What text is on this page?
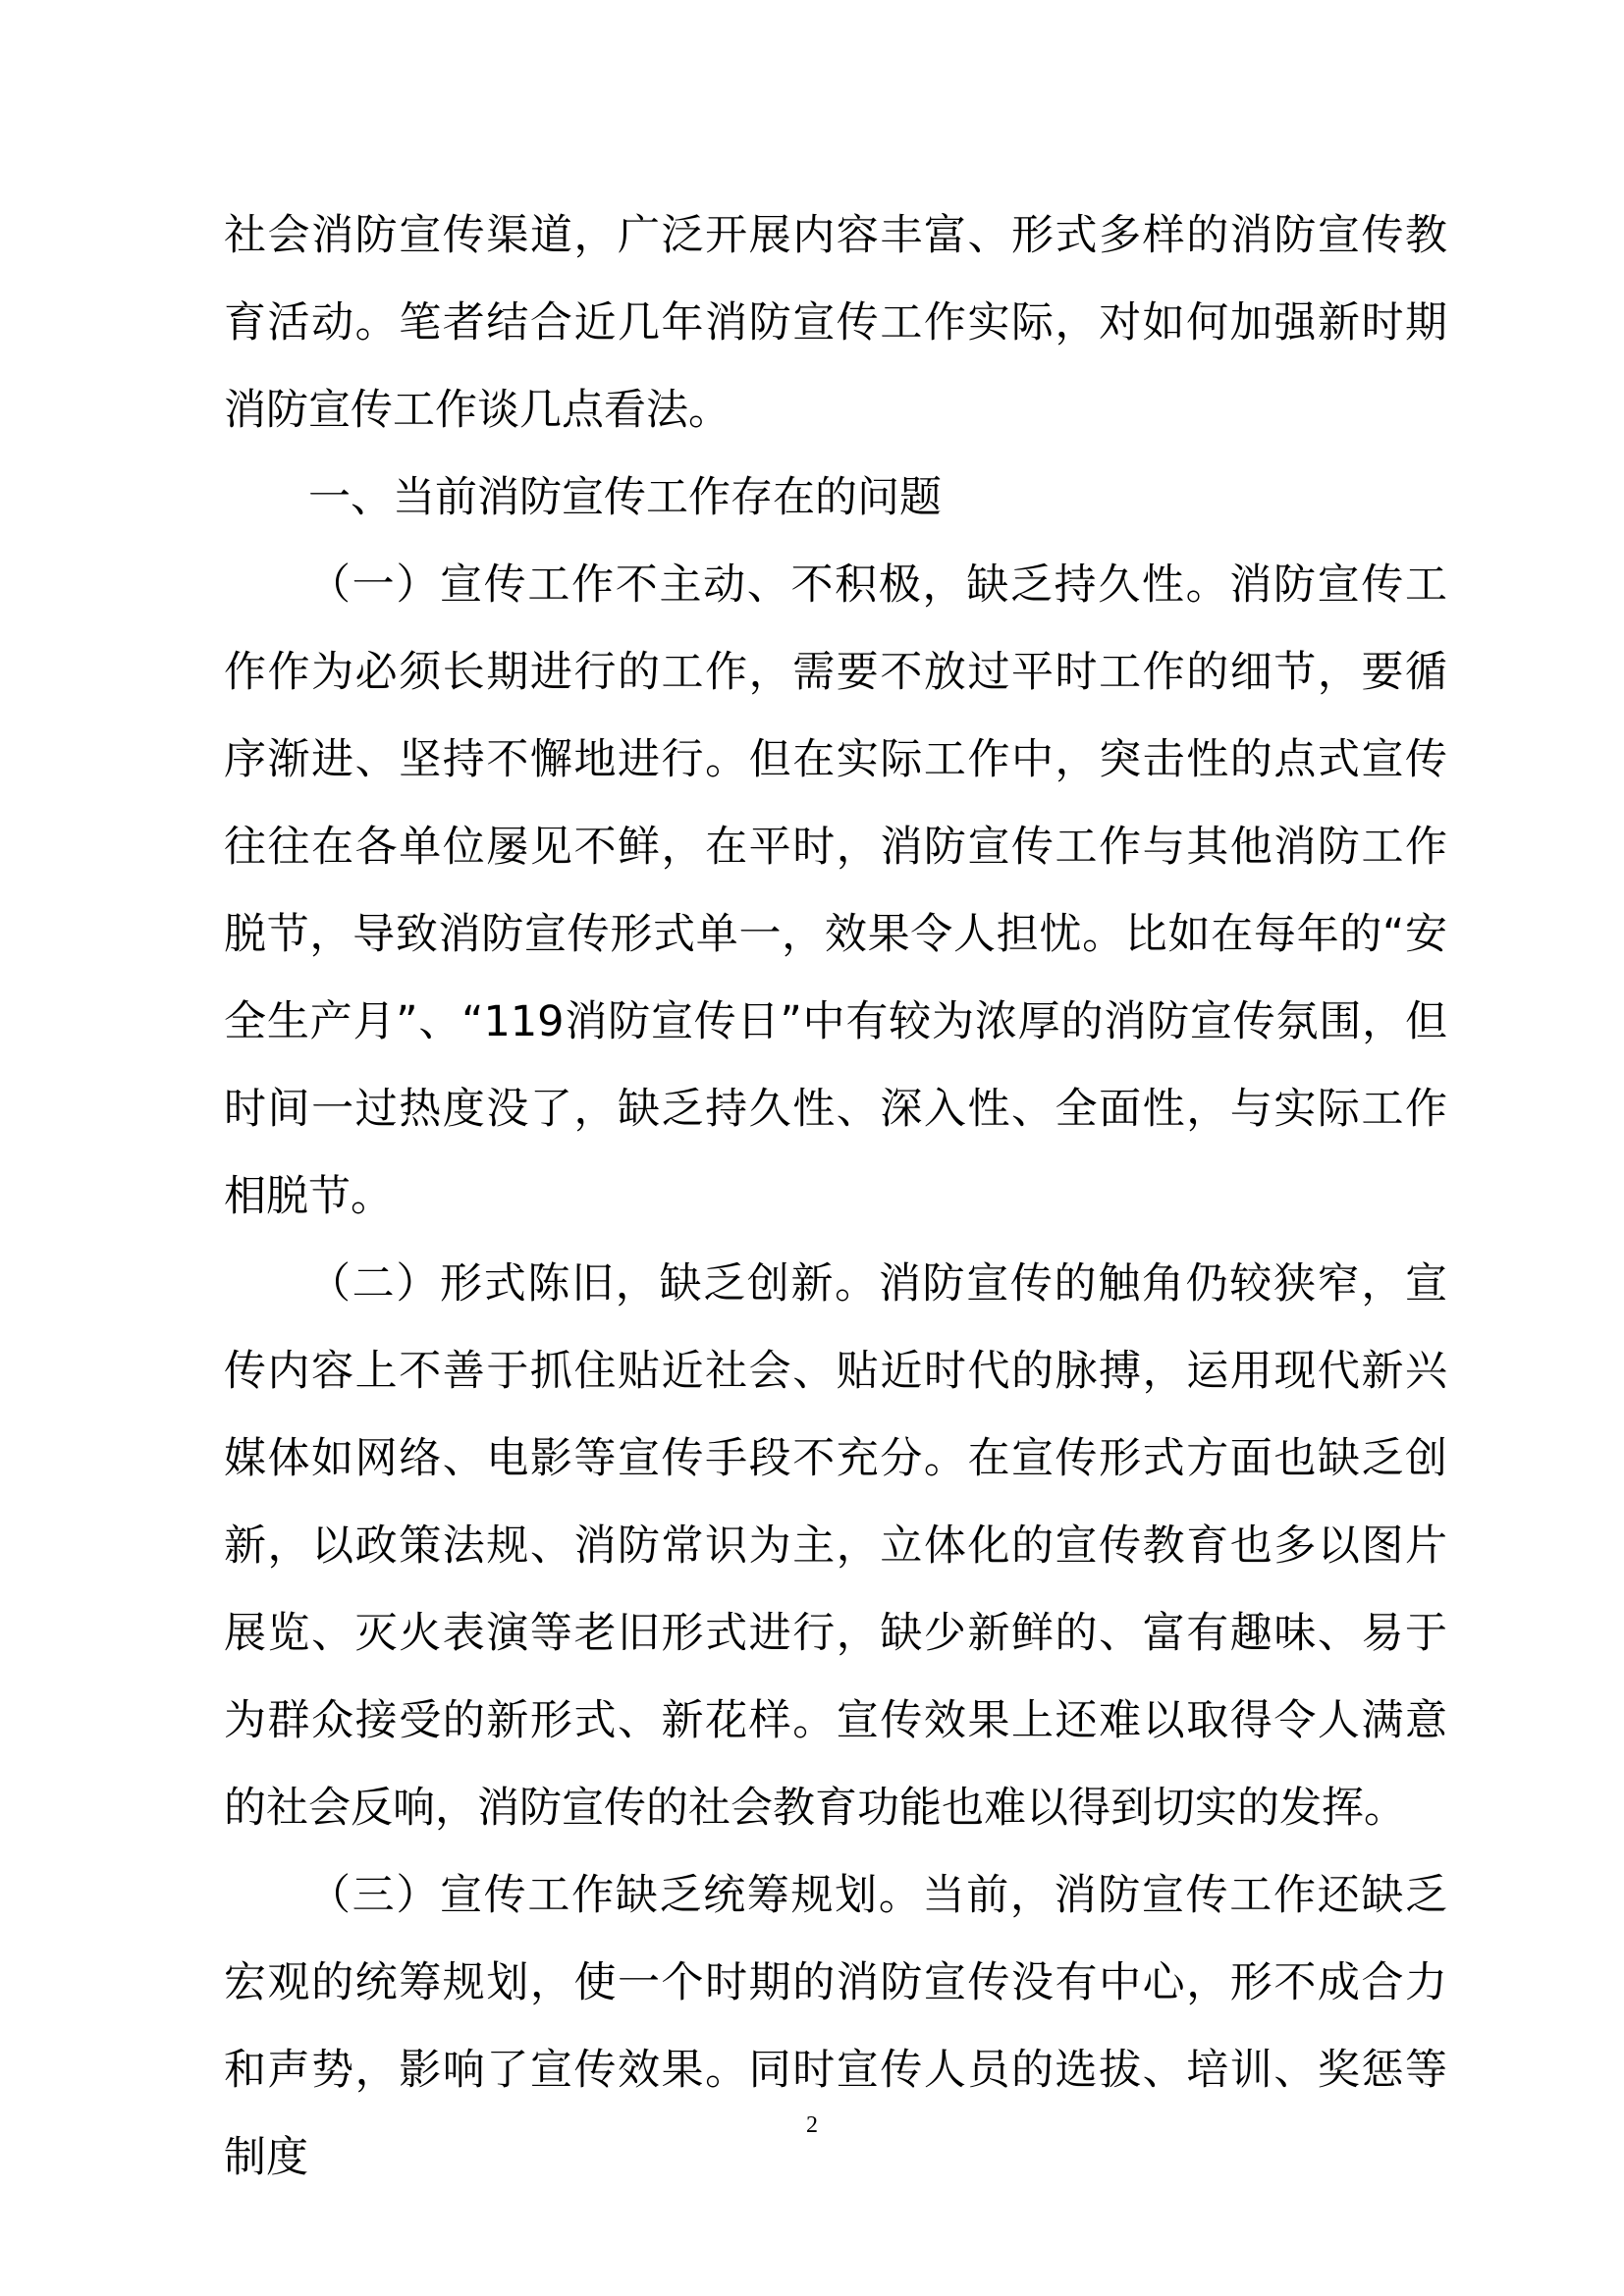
社会消防宣传渠道，广泛开展内容丰富、形式多样的消防宣传教育活动。笔者结合近几年消防宣传工作实际，对如何加强新时期消防宣传工作谈几点看法。

一、当前消防宣传工作存在的问题

（一）宣传工作不主动、不积极，缺乏持久性。消防宣传工作作为必须长期进行的工作，需要不放过平时工作的细节，要循序渐进、坚持不懈地进行。但在实际工作中，突击性的点式宣传往往在各单位屡见不鲜，在平时，消防宣传工作与其他消防工作脱节，导致消防宣传形式单一，效果令人担忧。比如在每年的“安全生产月”、“119消防宣传日”中有较为浓厚的消防宣传氛围，但时间一过热度没了，缺乏持久性、深入性、全面性，与实际工作相脱节。

（二）形式陈旧，缺乏创新。消防宣传的触角仍较狭窄，宣传内容上不善于抓住贴近社会、贴近时代的脉搏，运用现代新兴媒体如网络、电影等宣传手段不充分。在宣传形式方面也缺乏创新，以政策法规、消防常识为主，立体化的宣传教育也多以图片展览、灭火表演等老旧形式进行，缺少新鲜的、富有趣味、易于为群众接受的新形式、新花样。宣传效果上还难以取得令人满意的社会反响，消防宣传的社会教育功能也难以得到切实的发挥。

（三）宣传工作缺乏统筹规划。当前，消防宣传工作还缺乏宏观的统筹规划，使一个时期的消防宣传没有中心，形不成合力和声势，影响了宣传效果。同时宣传人员的选拔、培训、奖惩等制度

2
